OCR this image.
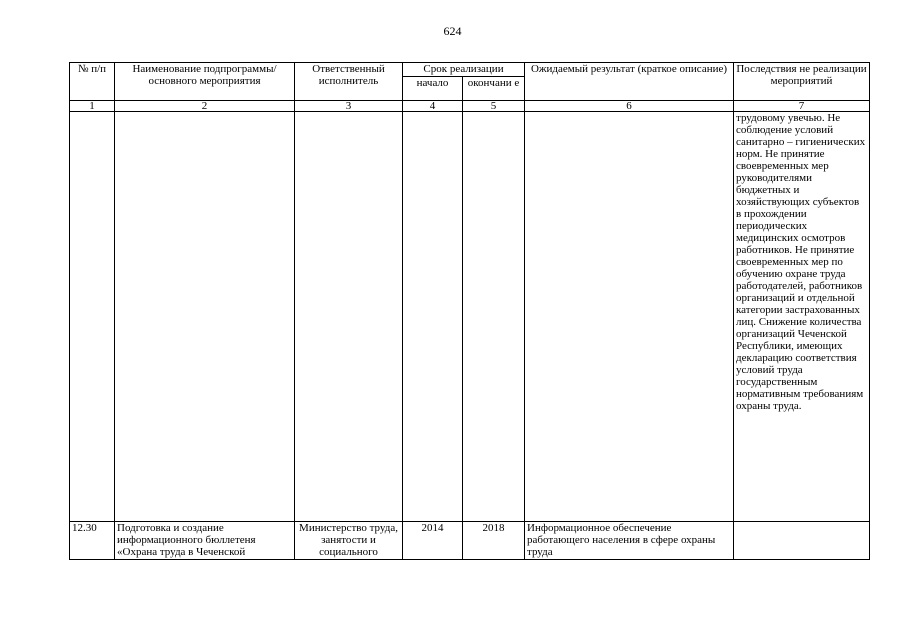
624
№ п/п	Наименование подпрограммы/ основного мероприятия	Ответственный исполнитель	Срок реализации		Ожидаемый результат (краткое описание)	Последствия не реализации мероприятий
			начало	окончани е		
1	2	3	4	5	6	7
						трудовому увечью. Не соблюдение условий санитарно – гигиенических норм. Не принятие своевременных мер руководителями бюджетных и хозяйствующих субъектов в прохождении периодических медицинских осмотров работников. Не принятие своевременных мер по обучению охране труда работодателей, работников организаций и отдельной категории застрахованных лиц. Снижение количества организаций Чеченской Республики, имеющих декларацию соответствия условий труда государственным нормативным требованиям охраны труда.
12.30	Подготовка и создание информационного бюллетеня «Охрана труда в Чеченской	Министерство труда, занятости и социального	2014	2018	Информационное обеспечение работающего населения в сфере охраны труда	
